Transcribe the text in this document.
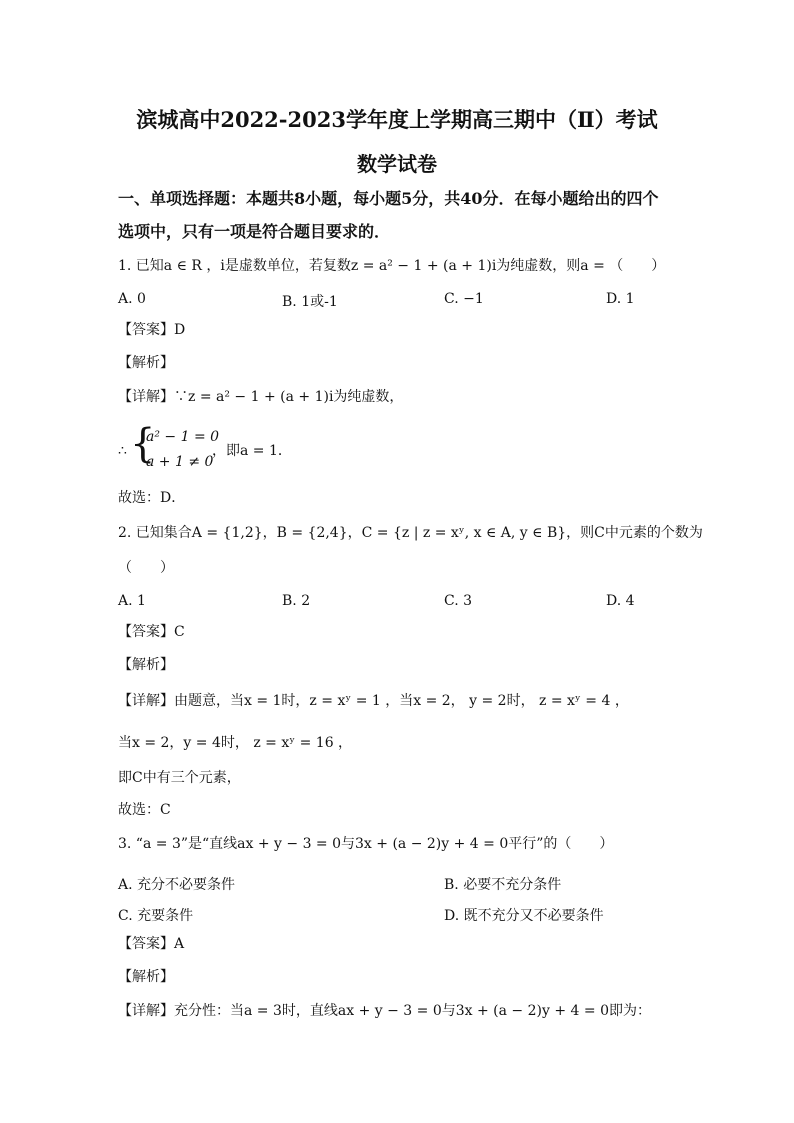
滨城高中2022-2023学年度上学期高三期中（Ⅱ）考试
数学试卷
一、单项选择题：本题共8小题，每小题5分，共40分．在每小题给出的四个
选项中，只有一项是符合题目要求的．
1. 已知a ∈ R ，i是虚数单位，若复数z = a² − 1 + (a + 1)i为纯虚数，则a = （　　）
A. 0	B. 1或-1	C. −1	D. 1
【答案】D
【解析】
【详解】∵z = a² − 1 + (a + 1)i为纯虚数，
∴ {
a² − 1 = 0
a + 1 ≠ 0
，即a = 1．
故选：D．
2. 已知集合A = {1,2}，B = {2,4}，C = {z | z = xʸ, x ∈ A, y ∈ B}，则C中元素的个数为
（　　）
A. 1	B. 2	C. 3	D. 4
【答案】C
【解析】
【详解】由题意，当x = 1时，z = xʸ = 1 ，当x = 2， y = 2时， z = xʸ = 4 ，
当x = 2，y = 4时， z = xʸ = 16 ，
即C中有三个元素，
故选：C
3. “a = 3”是“直线ax + y − 3 = 0与3x + (a − 2)y + 4 = 0平行”的（　　）
A. 充分不必要条件	B. 必要不充分条件
C. 充要条件	D. 既不充分又不必要条件
【答案】A
【解析】
【详解】充分性：当a = 3时，直线ax + y − 3 = 0与3x + (a − 2)y + 4 = 0即为：
